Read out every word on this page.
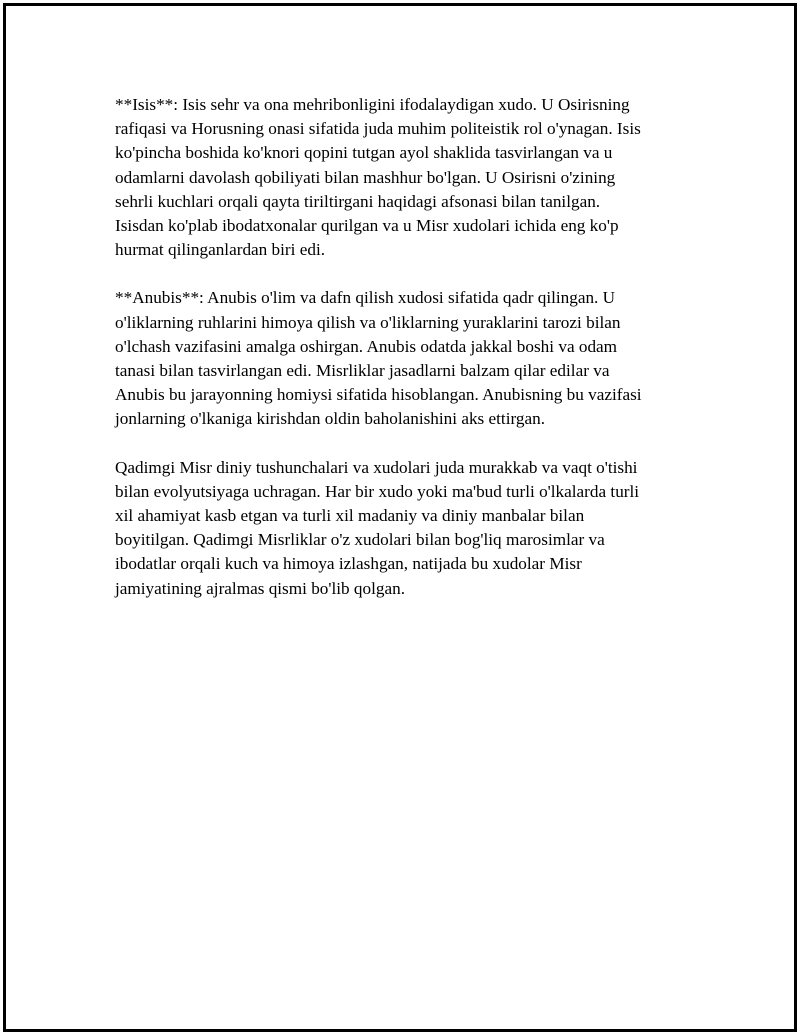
**Isis**: Isis sehr va ona mehribonligini ifodalaydigan xudo. U Osirisning
rafiqasi va Horusning onasi sifatida juda muhim politeistik rol o'ynagan. Isis
ko'pincha boshida ko'knori qopini tutgan ayol shaklida tasvirlangan va u
odamlarni davolash qobiliyati bilan mashhur bo'lgan. U Osirisni o'zining
sehrli kuchlari orqali qayta tiriltirgani haqidagi afsonasi bilan tanilgan.
Isisdan ko'plab ibodatxonalar qurilgan va u Misr xudolari ichida eng ko'p
hurmat qilinganlardan biri edi.

**Anubis**: Anubis o'lim va dafn qilish xudosi sifatida qadr qilingan. U
o'liklarning ruhlarini himoya qilish va o'liklarning yuraklarini tarozi bilan
o'lchash vazifasini amalga oshirgan. Anubis odatda jakkal boshi va odam
tanasi bilan tasvirlangan edi. Misrliklar jasadlarni balzam qilar edilar va
Anubis bu jarayonning homiysi sifatida hisoblangan. Anubisning bu vazifasi
jonlarning o'lkaniga kirishdan oldin baholanishini aks ettirgan.

Qadimgi Misr diniy tushunchalari va xudolari juda murakkab va vaqt o'tishi
bilan evolyutsiyaga uchragan. Har bir xudo yoki ma'bud turli o'lkalarda turli
xil ahamiyat kasb etgan va turli xil madaniy va diniy manbalar bilan
boyitilgan. Qadimgi Misrliklar o'z xudolari bilan bog'liq marosimlar va
ibodatlar orqali kuch va himoya izlashgan, natijada bu xudolar Misr
jamiyatining ajralmas qismi bo'lib qolgan.
